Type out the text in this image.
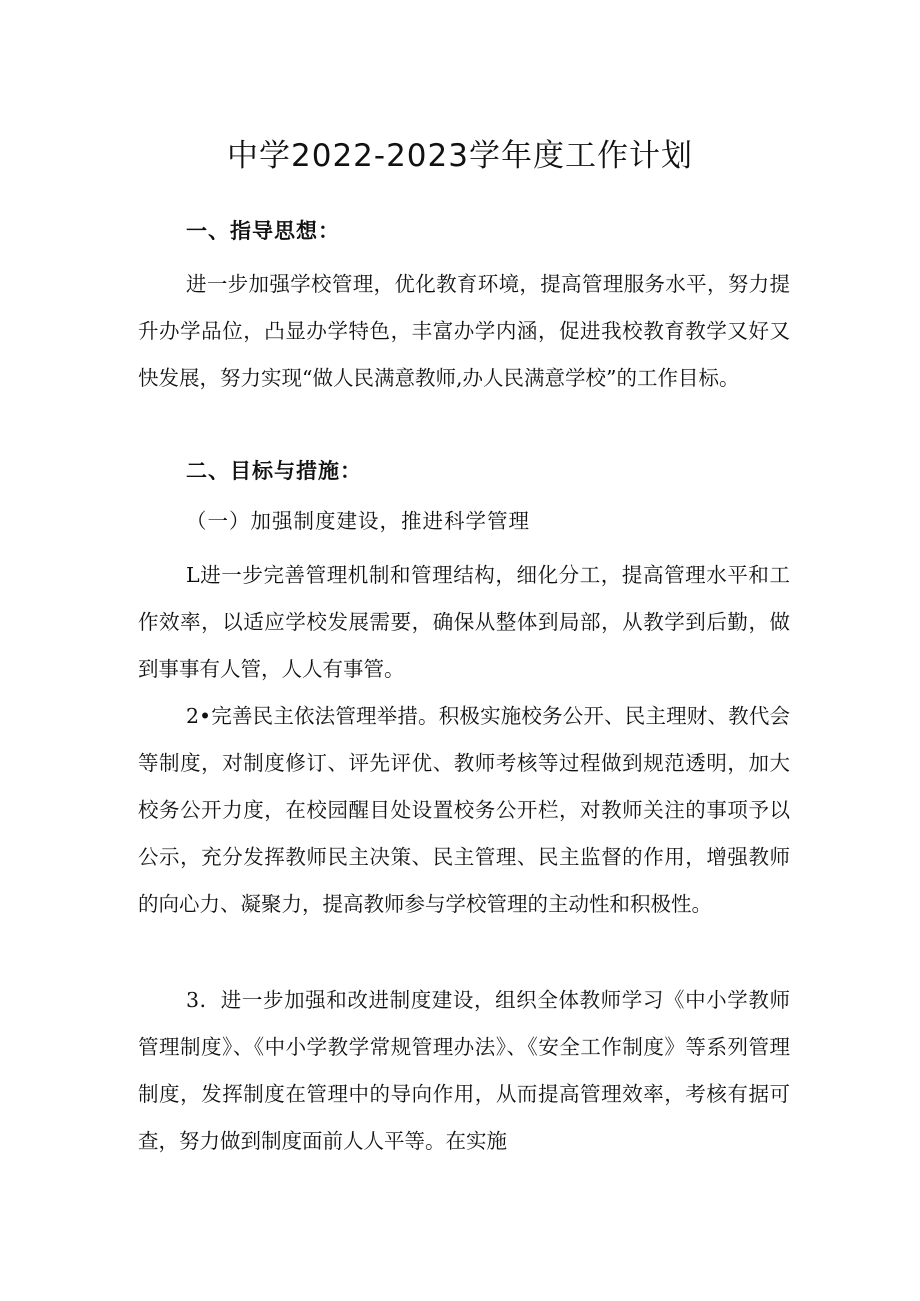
中学2022-2023学年度工作计划
一、指导思想：

进一步加强学校管理，优化教育环境，提高管理服务水平，努力提升办学品位，凸显办学特色，丰富办学内涵，促进我校教育教学又好又快发展，努力实现“做人民满意教师,办人民满意学校”的工作目标。

二、目标与措施：
（一）加强制度建设，推进科学管理

L进一步完善管理机制和管理结构，细化分工，提高管理水平和工作效率，以适应学校发展需要，确保从整体到局部，从教学到后勤，做到事事有人管，人人有事管。

2•完善民主依法管理举措。积极实施校务公开、民主理财、教代会等制度，对制度修订、评先评优、教师考核等过程做到规范透明，加大校务公开力度，在校园醒目处设置校务公开栏，对教师关注的事项予以公示，充分发挥教师民主决策、民主管理、民主监督的作用，增强教师的向心力、凝聚力，提高教师参与学校管理的主动性和积极性。

3．进一步加强和改进制度建设，组织全体教师学习《中小学教师管理制度》、《中小学教学常规管理办法》、《安全工作制度》等系列管理制度，发挥制度在管理中的导向作用，从而提高管理效率，考核有据可查，努力做到制度面前人人平等。在实施
